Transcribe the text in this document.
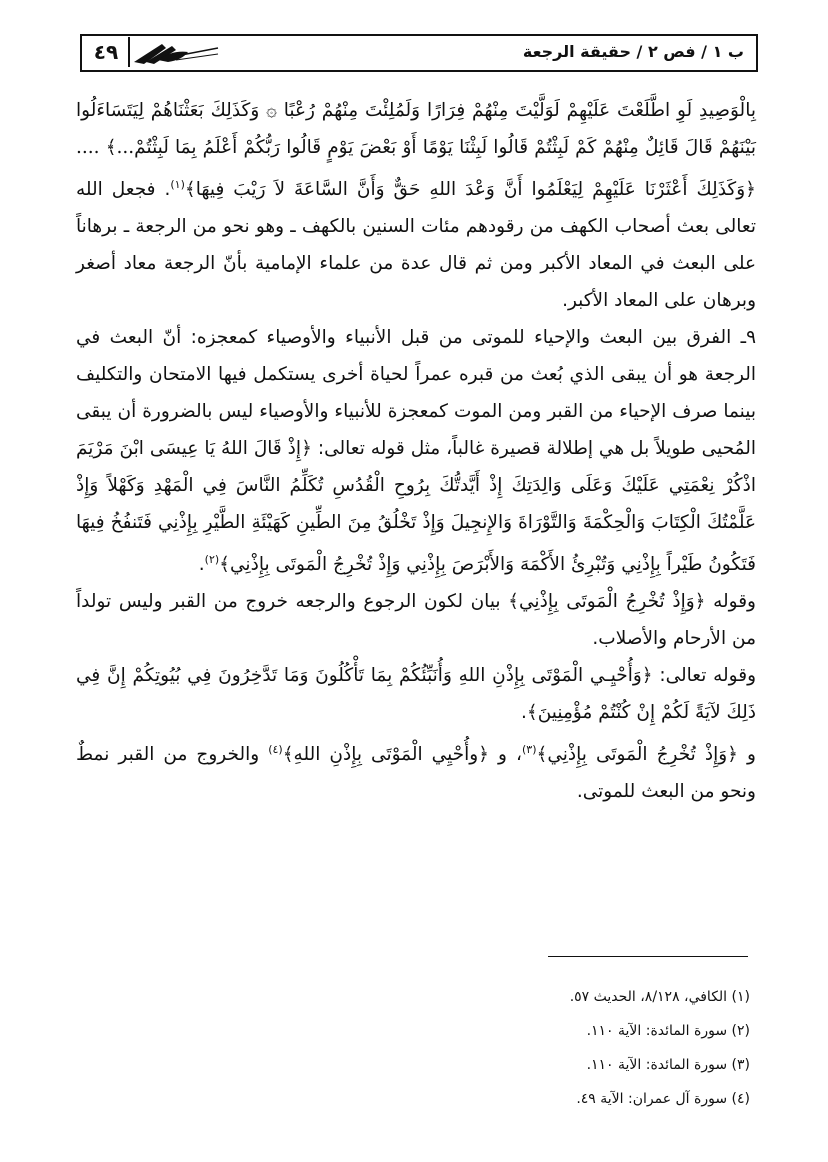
٤٩	ب ١ / فص ٢ / حقيقة الرجعة

بِالْوَصِيدِ لَوِ اطَّلَعْتَ عَلَيْهِمْ لَوَلَّيْتَ مِنْهُمْ فِرَارًا وَلَمُلِئْتَ مِنْهُمْ رُعْبًا ۞ وَكَذَلِكَ بَعَثْنَاهُمْ لِيَتَسَاءَلُوا بَيْنَهُمْ قَالَ قَائِلٌ مِنْهُمْ كَمْ لَبِثْتُمْ قَالُوا لَبِثْنَا يَوْمًا أَوْ بَعْضَ يَوْمٍ قَالُوا رَبُّكُمْ أَعْلَمُ بِمَا لَبِثْتُمْ...﴾ .... ﴿وَكَذَلِكَ أَعْثَرْنَا عَلَيْهِمْ لِيَعْلَمُوا أَنَّ وَعْدَ اللهِ حَقٌّ وَأَنَّ السَّاعَةَ لاَ رَيْبَ فِيهَا﴾$^{(١)}$. فجعل الله تعالى بعث أصحاب الكهف من رقودهم مئات السنين بالكهف ـ وهو نحو من الرجعة ـ برهاناً على البعث في المعاد الأكبر ومن ثم قال عدة من علماء الإمامية بأنّ الرجعة معاد أصغر وبرهان على المعاد الأكبر.

٩ـ الفرق بين البعث والإحياء للموتى من قبل الأنبياء والأوصياء كمعجزه: أنّ البعث في الرجعة هو أن يبقى الذي بُعث من قبره عمراً لحياة أخرى يستكمل فيها الامتحان والتكليف بينما صرف الإحياء من القبر ومن الموت كمعجزة للأنبياء والأوصياء ليس بالضرورة أن يبقى المُحيى طويلاً بل هي إطلالة قصيرة غالباً، مثل قوله تعالى: ﴿إِذْ قَالَ اللهُ يَا عِيسَى ابْنَ مَرْيَمَ اذْكُرْ نِعْمَتِي عَلَيْكَ وَعَلَى وَالِدَتِكَ إِذْ أَيَّدتُّكَ بِرُوحِ الْقُدُسِ تُكَلِّمُ النَّاسَ فِي الْمَهْدِ وَكَهْلاً وَإِذْ عَلَّمْتُكَ الْكِتَابَ وَالْحِكْمَةَ وَالتَّوْرَاةَ وَالإِنجِيلَ وَإِذْ تَخْلُقُ مِنَ الطِّينِ كَهَيْئَةِ الطَّيْرِ بِإِذْنِي فَتَنفُخُ فِيهَا فَتَكُونُ طَيْراً بِإِذْنِي وَتُبْرِئُ الأَكْمَهَ وَالأَبْرَصَ بِإِذْنِي وَإِذْ تُخْرِجُ الْمَوتَى بِإِذْنِي﴾$^{(٢)}$.

وقوله ﴿وَإِذْ تُخْرِجُ الْمَوتَى بِإِذْنِي﴾ بيان لكون الرجوع والرجعه خروج من القبر وليس تولداً من الأرحام والأصلاب.

وقوله تعالى: ﴿وَأُحْيِـي الْمَوْتَى بِإِذْنِ اللهِ وَأُنَبِّئُكُمْ بِمَا تَأْكُلُونَ وَمَا تَدَّخِرُونَ فِي بُيُوتِكُمْ إِنَّ فِي ذَلِكَ لآيَةً لَكُمْ إِنْ كُنْتُمْ مُؤْمِنِينَ﴾.

و ﴿وَإِذْ تُخْرِجُ الْمَوتَى بِإِذْنِي﴾$^{(٣)}$، و ﴿وأُحْيِي الْمَوْتَى بِإِذْنِ اللهِ﴾$^{(٤)}$ والخروج من القبر نمطٌ ونحو من البعث للموتى.

(١) الكافي، ٨/١٢٨، الحديث ٥٧.
(٢) سورة المائدة: الآية ١١٠.
(٣) سورة المائدة: الآية ١١٠.
(٤) سورة آل عمران: الآية ٤٩.
